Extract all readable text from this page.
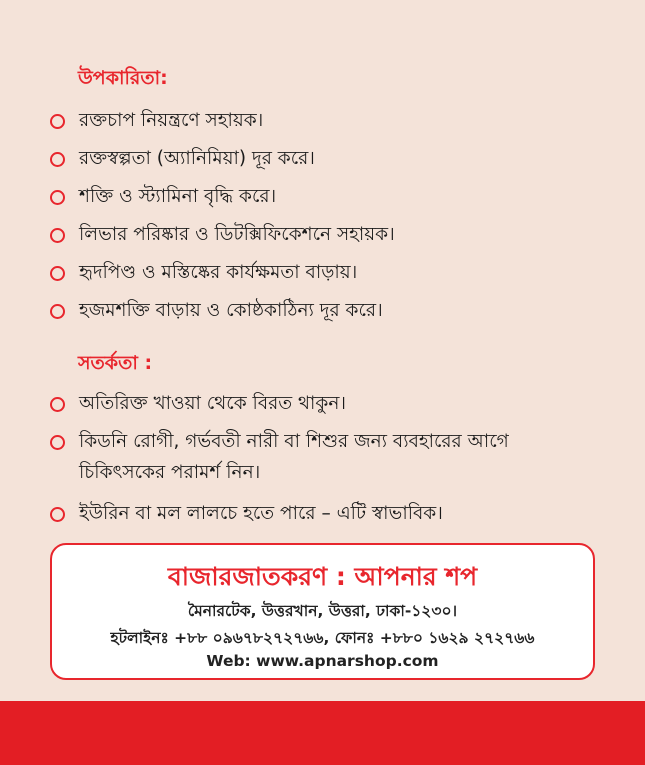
উপকারিতা:
রক্তচাপ নিয়ন্ত্রণে সহায়ক।
রক্তস্বল্পতা (অ্যানিমিয়া) দূর করে।
শক্তি ও স্ট্যামিনা বৃদ্ধি করে।
লিভার পরিষ্কার ও ডিটক্সিফিকেশনে সহায়ক।
হৃদপিণ্ড ও মস্তিষ্কের কার্যক্ষমতা বাড়ায়।
হজমশক্তি বাড়ায় ও কোষ্ঠকাঠিন্য দূর করে।
সতর্কতা :
অতিরিক্ত খাওয়া থেকে বিরত থাকুন।
কিডনি রোগী, গর্ভবতী নারী বা শিশুর জন্য ব্যবহারের আগে
চিকিৎসকের পরামর্শ নিন।
ইউরিন বা মল লালচে হতে পারে – এটি স্বাভাবিক।
বাজারজাতকরণ : আপনার শপ
মৈনারটেক, উত্তরখান, উত্তরা, ঢাকা-১২৩০।
হটলাইনঃ +৮৮ ০৯৬৭৮২৭২৭৬৬, ফোনঃ +৮৮০ ১৬২৯ ২৭২৭৬৬
Web: www.apnarshop.com
